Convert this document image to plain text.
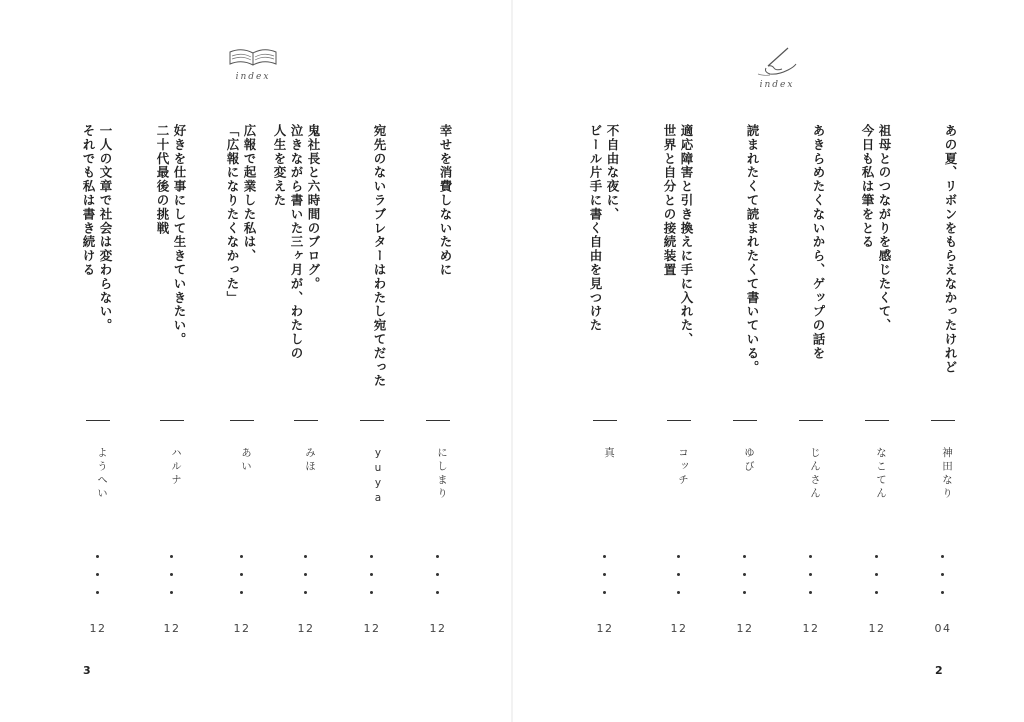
index
幸せを消費しないために
にしまり
12
宛先のないラブレターはわたし宛てだった
yuya
12
鬼社長と六時間のブログ。
泣きながら書いた三ヶ月が、わたしの
人生を変えた
みほ
12
広報で起業した私は、
「広報になりたくなかった」
あい
12
好きを仕事にして生きていきたい。
二十代最後の挑戦
ハルナ
12
一人の文章で社会は変わらない。
それでも私は書き続ける
ようへい
12
3
index
あの夏、リボンをもらえなかったけれど
神田なり
04
祖母とのつながりを感じたくて、
今日も私は筆をとる
なこてん
12
あきらめたくないから、ゲップの話を
じんさん
12
読まれたくて読まれたくて書いている。
ゆび
12
適応障害と引き換えに手に入れた、
世界と自分との接続装置
コッチ
12
不自由な夜に、
ビール片手に書く自由を見つけた
真
12
2
